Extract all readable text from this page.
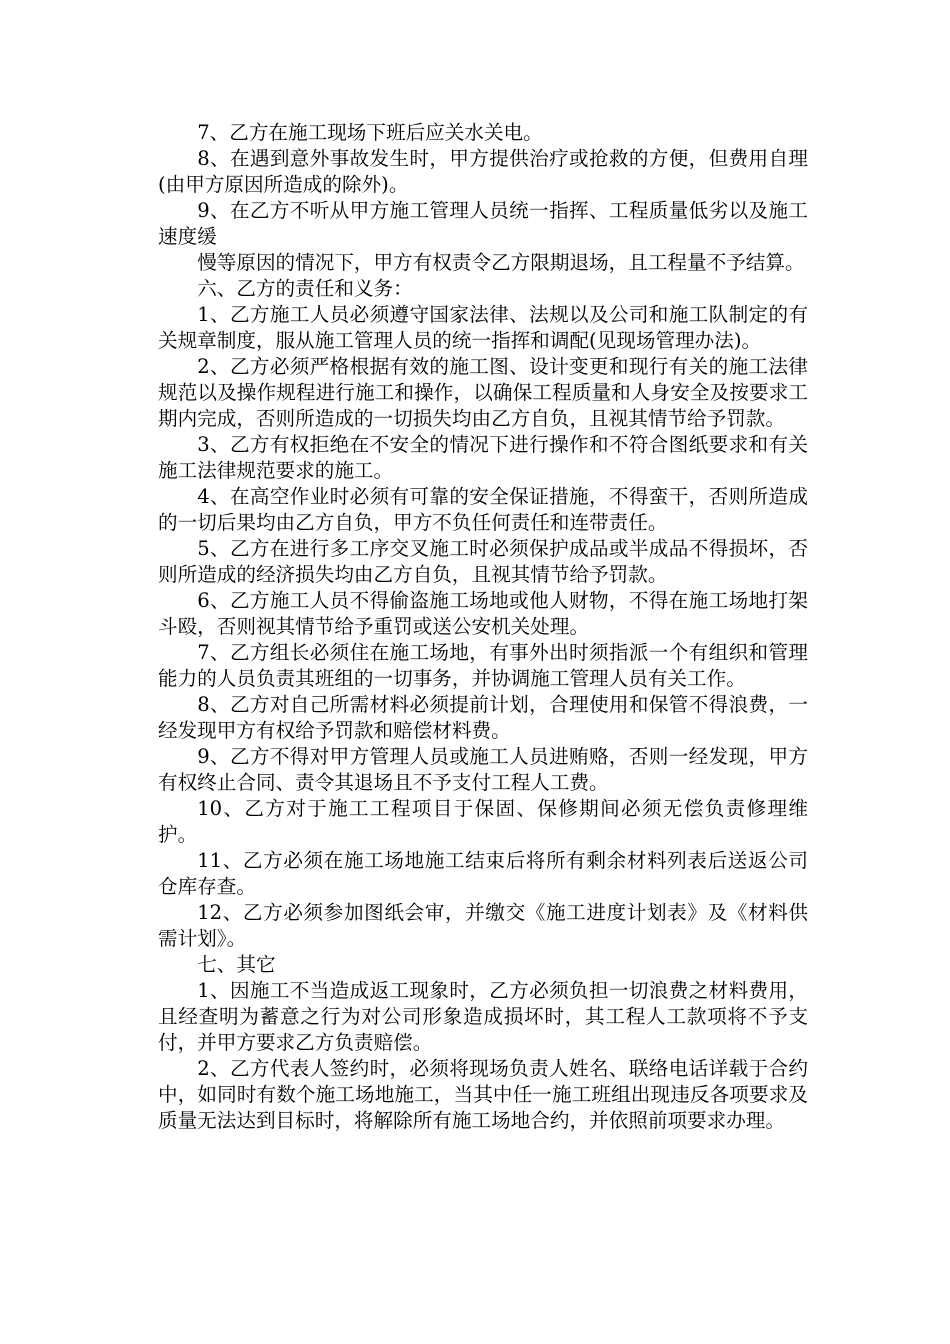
7、乙方在施工现场下班后应关水关电。

8、在遇到意外事故发生时，甲方提供治疗或抢救的方便，但费用自理(由甲方原因所造成的除外)。

9、在乙方不听从甲方施工管理人员统一指挥、工程质量低劣以及施工速度缓

慢等原因的情况下，甲方有权责令乙方限期退场，且工程量不予结算。

六、乙方的责任和义务：

1、乙方施工人员必须遵守国家法律、法规以及公司和施工队制定的有关规章制度，服从施工管理人员的统一指挥和调配(见现场管理办法)。

2、乙方必须严格根据有效的施工图、设计变更和现行有关的施工法律规范以及操作规程进行施工和操作，以确保工程质量和人身安全及按要求工期内完成，否则所造成的一切损失均由乙方自负，且视其情节给予罚款。

3、乙方有权拒绝在不安全的情况下进行操作和不符合图纸要求和有关施工法律规范要求的施工。

4、在高空作业时必须有可靠的安全保证措施，不得蛮干，否则所造成的一切后果均由乙方自负，甲方不负任何责任和连带责任。

5、乙方在进行多工序交叉施工时必须保护成品或半成品不得损坏，否则所造成的经济损失均由乙方自负，且视其情节给予罚款。

6、乙方施工人员不得偷盗施工场地或他人财物，不得在施工场地打架斗殴，否则视其情节给予重罚或送公安机关处理。

7、乙方组长必须住在施工场地，有事外出时须指派一个有组织和管理能力的人员负责其班组的一切事务，并协调施工管理人员有关工作。

8、乙方对自己所需材料必须提前计划，合理使用和保管不得浪费，一经发现甲方有权给予罚款和赔偿材料费。

9、乙方不得对甲方管理人员或施工人员进贿赂，否则一经发现，甲方有权终止合同、责令其退场且不予支付工程人工费。

10、乙方对于施工工程项目于保固、保修期间必须无偿负责修理维护。

11、乙方必须在施工场地施工结束后将所有剩余材料列表后送返公司仓库存查。

12、乙方必须参加图纸会审，并缴交《施工进度计划表》及《材料供需计划》。

七、其它

1、因施工不当造成返工现象时，乙方必须负担一切浪费之材料费用，且经查明为蓄意之行为对公司形象造成损坏时，其工程人工款项将不予支付，并甲方要求乙方负责赔偿。

2、乙方代表人签约时，必须将现场负责人姓名、联络电话详载于合约中，如同时有数个施工场地施工，当其中任一施工班组出现违反各项要求及质量无法达到目标时，将解除所有施工场地合约，并依照前项要求办理。
